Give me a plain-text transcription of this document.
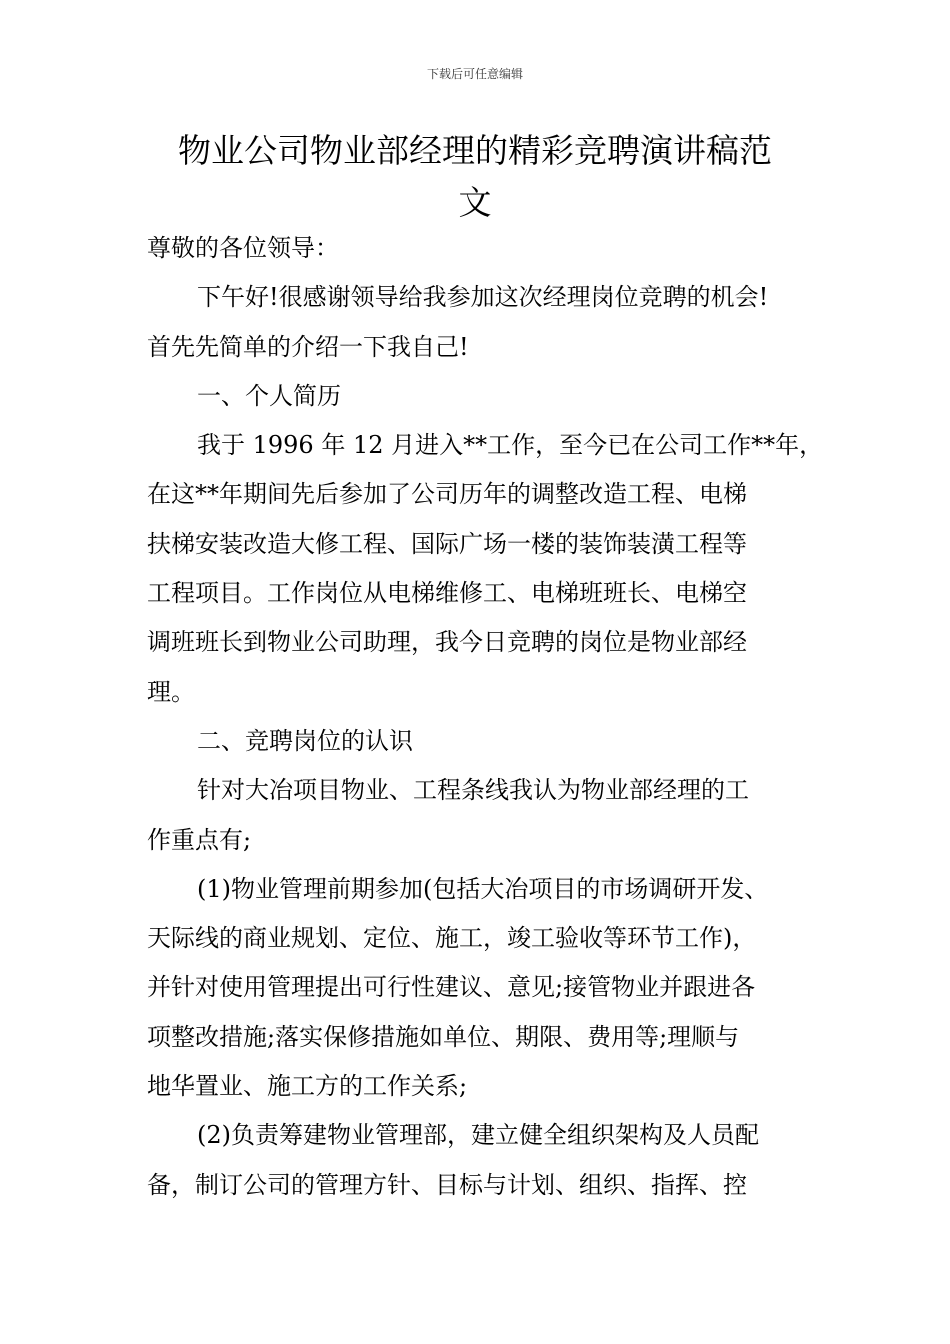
下载后可任意编辑
物业公司物业部经理的精彩竞聘演讲稿范
文
尊敬的各位领导：
下午好!很感谢领导给我参加这次经理岗位竞聘的机会!
首先先简单的介绍一下我自己!
一、个人简历
我于 1996 年 12 月进入**工作，至今已在公司工作**年，
在这**年期间先后参加了公司历年的调整改造工程、电梯
扶梯安装改造大修工程、国际广场一楼的装饰装潢工程等
工程项目。工作岗位从电梯维修工、电梯班班长、电梯空
调班班长到物业公司助理，我今日竞聘的岗位是物业部经
理。
二、竞聘岗位的认识
针对大冶项目物业、工程条线我认为物业部经理的工
作重点有;
(1)物业管理前期参加(包括大冶项目的市场调研开发、
天际线的商业规划、定位、施工，竣工验收等环节工作)，
并针对使用管理提出可行性建议、意见;接管物业并跟进各
项整改措施;落实保修措施如单位、期限、费用等;理顺与
地华置业、施工方的工作关系;
(2)负责筹建物业管理部，建立健全组织架构及人员配
备，制订公司的管理方针、目标与计划、组织、指挥、控
